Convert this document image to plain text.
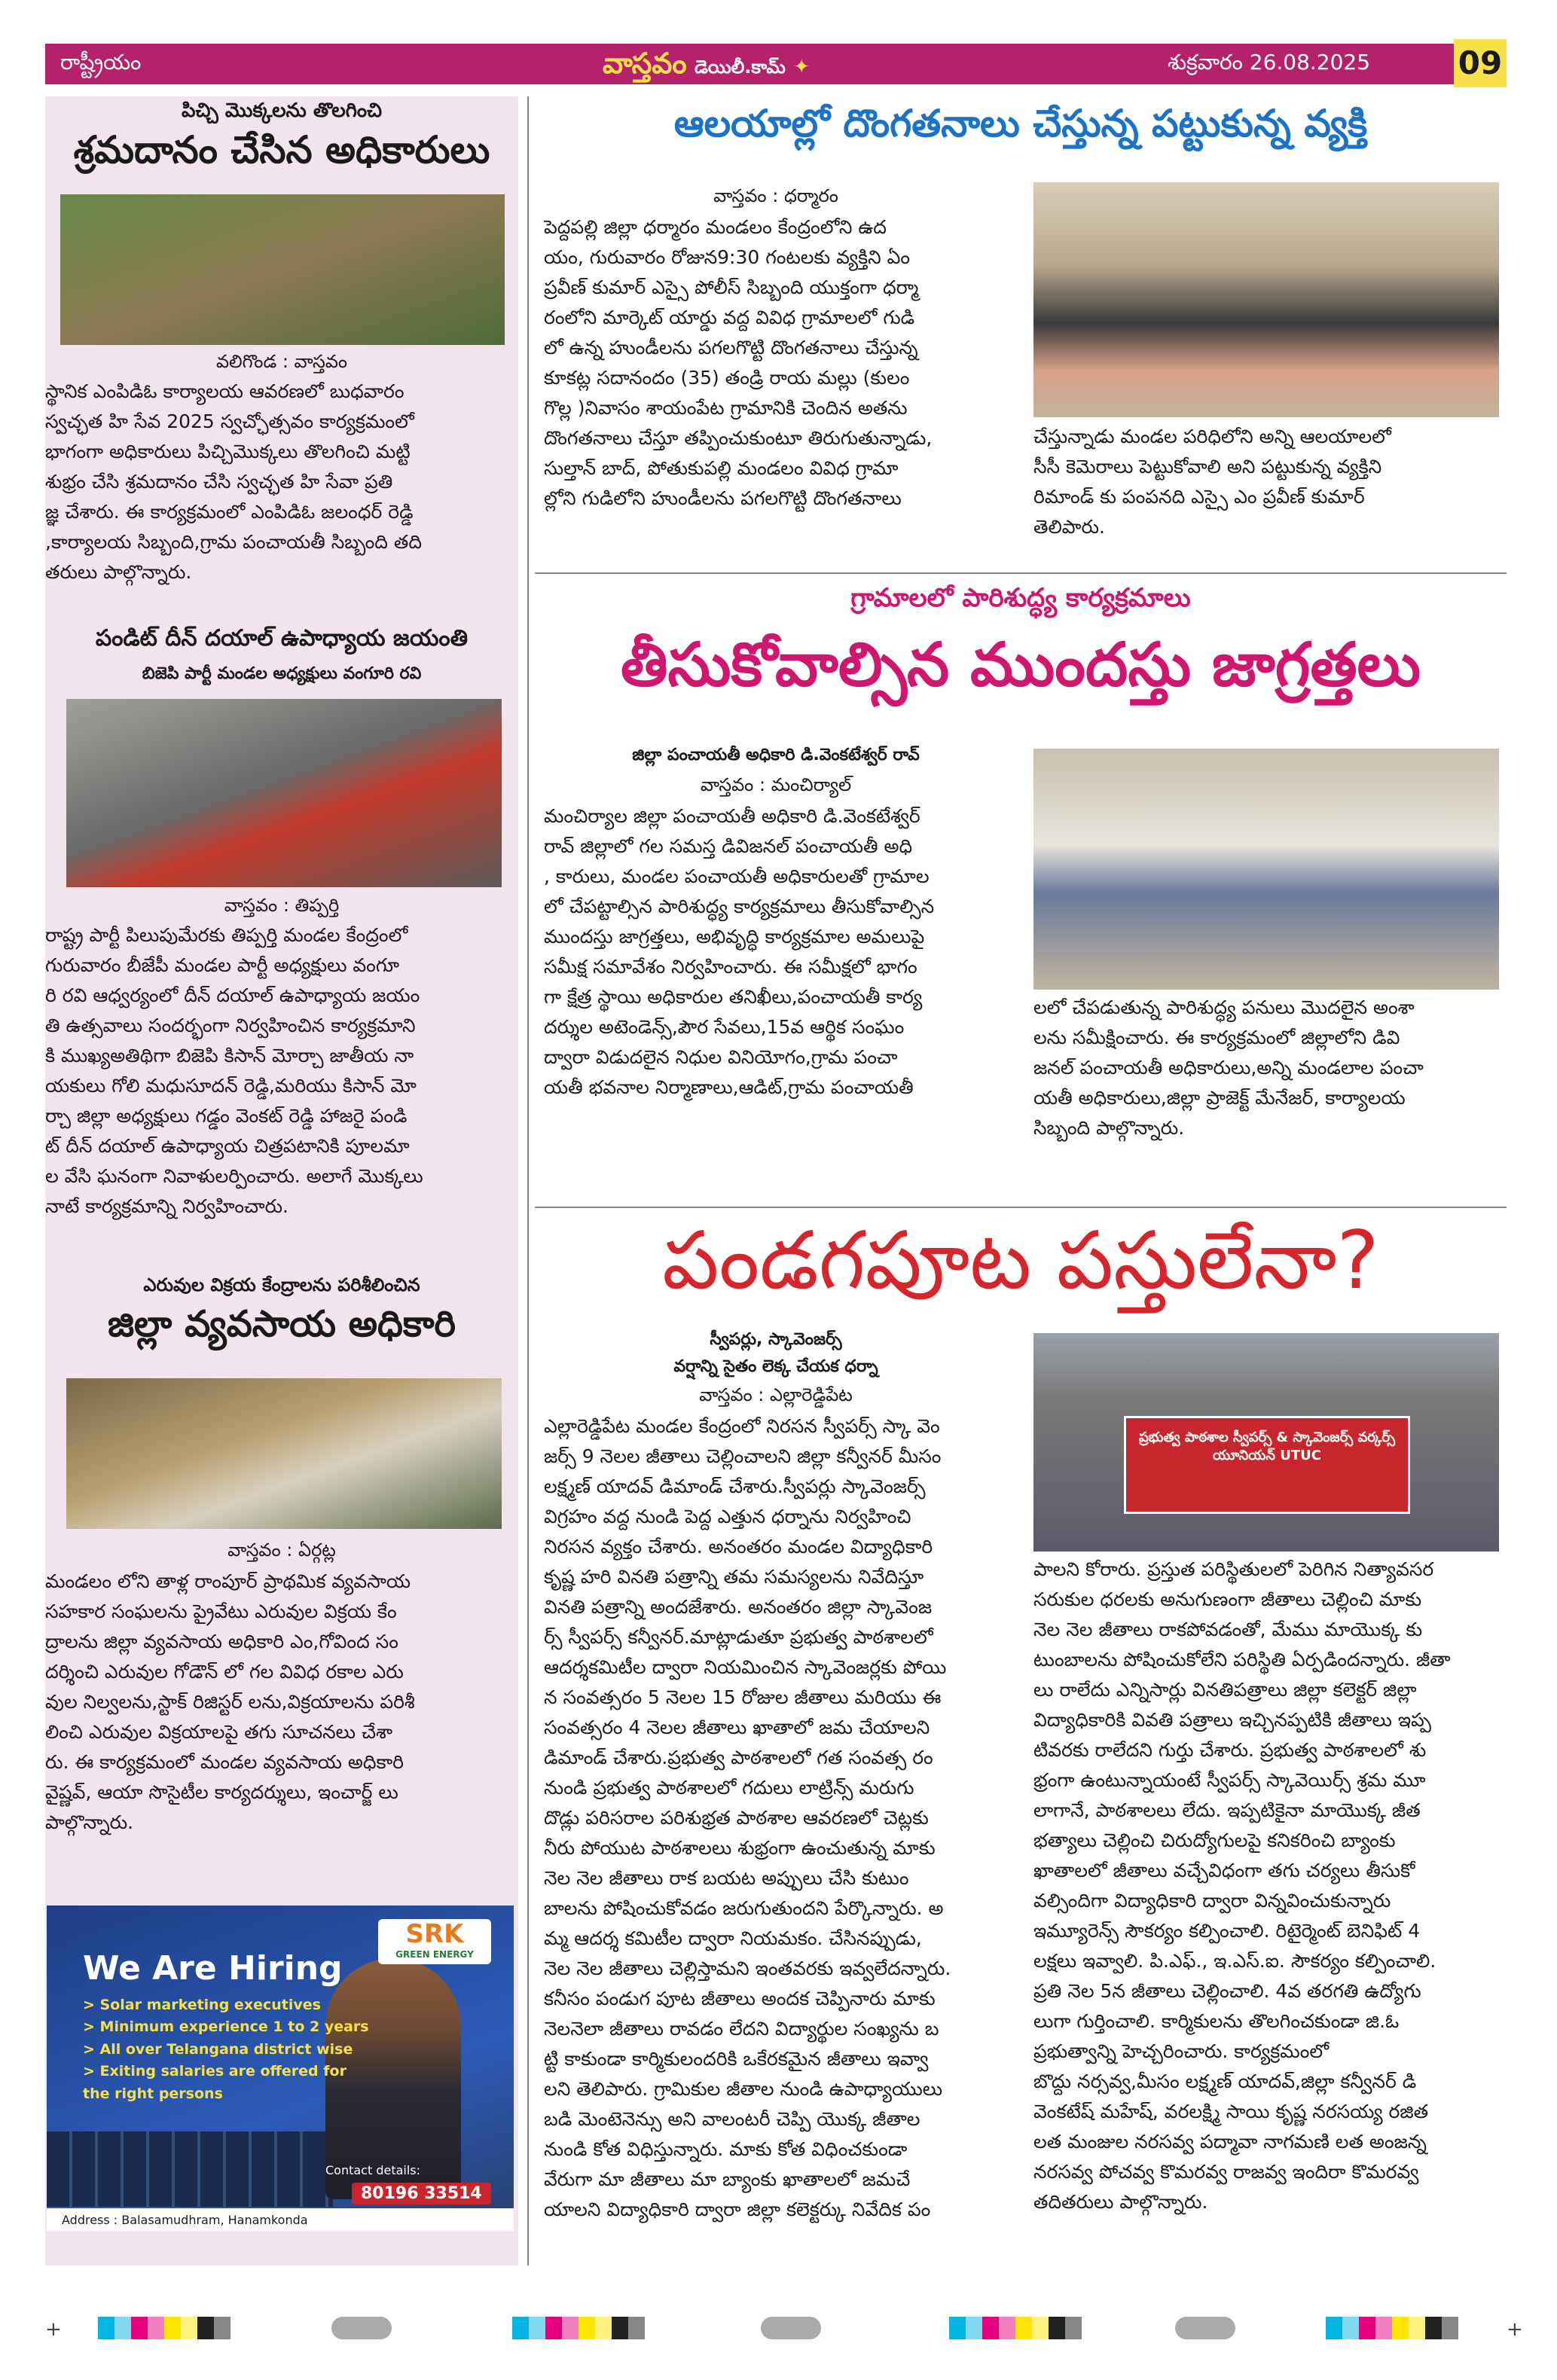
రాష్ట్రీయం	వాస్తవం డెయిలీ.కామ్ ✦	శుక్రవారం 26.08.2025	09
పిచ్చి మొక్కలను తొలగించి
శ్రమదానం చేసిన అధికారులు
వలిగొండ : వాస్తవం
స్థానిక ఎంపిడిఓ కార్యాలయ ఆవరణలో బుధవారం
స్వచ్ఛత హి సేవ 2025 స్వచ్ఛోత్సవం కార్యక్రమంలో
భాగంగా అధికారులు పిచ్చిమొక్కలు తొలగించి మట్టి
శుభ్రం చేసి శ్రమదానం చేసి స్వచ్ఛత హి సేవా ప్రతి
జ్ఞ చేశారు. ఈ కార్యక్రమంలో ఎంపిడిఓ జలంధర్ రెడ్డి
,కార్యాలయ సిబ్బంది,గ్రామ పంచాయతీ సిబ్బంది తది
తరులు పాల్గొన్నారు.
పండిట్ దీన్ దయాల్ ఉపాధ్యాయ జయంతి
బిజెపి పార్టీ మండల అధ్యక్షులు వంగూరి రవి
వాస్తవం : తిప్పర్తి
రాష్ట్ర పార్టీ పిలుపుమేరకు తిప్పర్తి మండల కేంద్రంలో
గురువారం బీజేపీ మండల పార్టీ అధ్యక్షులు వంగూ
రి రవి ఆధ్వర్యంలో దీన్ దయాల్ ఉపాధ్యాయ జయం
తి ఉత్సవాలు సందర్భంగా నిర్వహించిన కార్యక్రమాని
కి ముఖ్యఅతిథిగా బిజెపి కిసాన్ మోర్చా జాతీయ నా
యకులు గోలి మధుసూదన్ రెడ్డి,మరియు కిసాన్ మో
ర్చా జిల్లా అధ్యక్షులు గడ్డం వెంకట్ రెడ్డి హాజరై పండి
ట్ దీన్ దయాల్ ఉపాధ్యాయ చిత్రపటానికి పూలమా
ల వేసి ఘనంగా నివాళులర్పించారు. అలాగే మొక్కలు
నాటే కార్యక్రమాన్ని నిర్వహించారు.
ఎరువుల విక్రయ కేంద్రాలను పరిశీలించిన
జిల్లా వ్యవసాయ అధికారి
వాస్తవం : ఏర్గట్ల
మండలం లోని తాళ్ల రాంపూర్ ప్రాథమిక వ్యవసాయ
సహకార సంఘలను ప్రైవేటు ఎరువుల విక్రయ కేం
ద్రాలను జిల్లా వ్యవసాయ అధికారి ఎం,గోవింద సం
దర్శించి ఎరువుల గోడౌన్ లో గల వివిధ రకాల ఎరు
వుల నిల్వలను,స్టాక్ రిజిస్టర్ లను,విక్రయాలను పరిశీ
లించి ఎరువుల విక్రయాలపై తగు సూచనలు చేశా
రు. ఈ కార్యక్రమంలో మండల వ్యవసాయ అధికారి
వైష్ణవ్, ఆయా సొసైటీల కార్యదర్శులు, ఇంచార్జ్ లు
పాల్గొన్నారు.
SRK
GREEN ENERGY
We Are Hiring
> Solar marketing executives
> Minimum experience 1 to 2 years
> All over Telangana district wise
> Exiting salaries are offered for the right persons
Contact details:
80196 33514
Address : Balasamudhram, Hanamkonda
ఆలయాల్లో దొంగతనాలు చేస్తున్న పట్టుకున్న వ్యక్తి
వాస్తవం : ధర్మారం
పెద్దపల్లి జిల్లా ధర్మారం మండలం కేంద్రంలోని ఉద
యం, గురువారం రోజున9:30 గంటలకు వ్యక్తిని ఏం
ప్రవీణ్ కుమార్ ఎస్సై పోలీస్ సిబ్బంది యుక్తంగా ధర్మా
రంలోని మార్కెట్ యార్డు వద్ద వివిధ గ్రామాలలో గుడి
లో ఉన్న హుండీలను పగలగొట్టి దొంగతనాలు చేస్తున్న
కూకట్ల సదానందం (35) తండ్రి రాయ మల్లు (కులం
గొల్ల )నివాసం శాయంపేట గ్రామానికి చెందిన అతను
దొంగతనాలు చేస్తూ తప్పించుకుంటూ తిరుగుతున్నాడు,
సుల్తాన్ బాద్, పోతుకుపల్లి మండలం వివిధ గ్రామా
ల్లోని గుడిలోని హుండీలను పగలగొట్టి దొంగతనాలు
చేస్తున్నాడు మండల పరిధిలోని అన్ని ఆలయాలలో
సీసీ కెమెరాలు పెట్టుకోవాలి అని పట్టుకున్న వ్యక్తిని
రిమాండ్ కు పంపనది ఎస్సై ఎం ప్రవీణ్ కుమార్
తెలిపారు.
గ్రామాలలో పారిశుద్ధ్య కార్యక్రమాలు
తీసుకోవాల్సిన ముందస్తు జాగ్రత్తలు
జిల్లా పంచాయతీ అధికారి డి.వెంకటేశ్వర్ రావ్
వాస్తవం : మంచిర్యాల్
మంచిర్యాల జిల్లా పంచాయతీ అధికారి డి.వెంకటేశ్వర్
రావ్ జిల్లాలో గల సమస్త డివిజనల్ పంచాయతీ అధి
, కారులు, మండల పంచాయతీ అధికారులతో గ్రామాల
లో చేపట్టాల్సిన పారిశుద్ధ్య కార్యక్రమాలు తీసుకోవాల్సిన
ముందస్తు జాగ్రత్తలు, అభివృద్ధి కార్యక్రమాల అమలుపై
సమీక్ష సమావేశం నిర్వహించారు. ఈ సమీక్షలో భాగం
గా క్షేత్ర స్థాయి అధికారుల తనిఖీలు,పంచాయతీ కార్య
దర్శుల అటెండెన్స్,పౌర సేవలు,15వ ఆర్థిక సంఘం
ద్వారా విడుదలైన నిధుల వినియోగం,గ్రామ పంచా
యతీ భవనాల నిర్మాణాలు,ఆడిట్,గ్రామ పంచాయతీ
లలో చేపడుతున్న పారిశుద్ధ్య పనులు మొదలైన అంశా
లను సమీక్షించారు. ఈ కార్యక్రమంలో జిల్లాలోని డివి
జనల్ పంచాయతీ అధికారులు,అన్ని మండలాల పంచా
యతీ అధికారులు,జిల్లా ప్రాజెక్ట్ మేనేజర్, కార్యాలయ
సిబ్బంది పాల్గొన్నారు.
పండగపూట పస్తులేనా?
స్వీపర్లు, స్కావెంజర్స్
వర్షాన్ని సైతం లెక్క చేయక ధర్నా
వాస్తవం : ఎల్లారెడ్డిపేట
ఎల్లారెడ్డిపేట మండల కేంద్రంలో నిరసన స్వీపర్స్ స్కా వెం
జర్స్ 9 నెలల జీతాలు చెల్లించాలని జిల్లా కన్వీనర్ మీసం
లక్ష్మణ్ యాదవ్ డిమాండ్ చేశారు.స్వీపర్లు స్కావెంజర్స్
విగ్రహం వద్ద నుండి పెద్ద ఎత్తున ధర్నాను నిర్వహించి
నిరసన వ్యక్తం చేశారు. అనంతరం మండల విద్యాధికారి
కృష్ణ హరి వినతి పత్రాన్ని తమ సమస్యలను నివేదిస్తూ
వినతి పత్రాన్ని అందజేశారు. అనంతరం జిల్లా స్కావెంజ
ర్స్ స్వీపర్స్ కన్వీనర్.మాట్లాడుతూ ప్రభుత్వ పాఠశాలలో
ఆదర్శకమిటీల ద్వారా నియమించిన స్కావెంజర్లకు పోయి
న సంవత్సరం 5 నెలల 15 రోజుల జీతాలు మరియు ఈ
సంవత్సరం 4 నెలల జీతాలు ఖాతాలో జమ చేయాలని
డిమాండ్ చేశారు.ప్రభుత్వ పాఠశాలలో గత సంవత్స రం
నుండి ప్రభుత్వ పాఠశాలలో గదులు లాట్రిన్స్ మరుగు
దొడ్లు పరిసరాల పరిశుభ్రత పాఠశాల ఆవరణలో చెట్లకు
నీరు పోయుట పాఠశాలలు శుభ్రంగా ఉంచుతున్న మాకు
నెల నెల జీతాలు రాక బయట అప్పులు చేసి కుటుం
బాలను పోషించుకోవడం జరుగుతుందని పేర్కొన్నారు. అ
మ్మ ఆదర్శ కమిటీల ద్వారా నియమకం. చేసినప్పుడు,
నెల నెల జీతాలు చెల్లిస్తామని ఇంతవరకు ఇవ్వలేదన్నారు.
కనీసం పండుగ పూట జీతాలు అందక చెప్పినారు మాకు
నెలనెలా జీతాలు రావడం లేదని విద్యార్థుల సంఖ్యను బ
ట్టి కాకుండా కార్మికులందరికి ఒకేరకమైన జీతాలు ఇవ్వా
లని తెలిపారు. గ్రామికుల జీతాల నుండి ఉపాధ్యాయులు
బడి మెంటెనెన్సు అని వాలంటరీ చెప్పి యొక్క జీతాల
నుండి కోత విధిస్తున్నారు. మాకు కోత విధించకుండా
వేరుగా మా జీతాలు మా బ్యాంకు ఖాతాలలో జమచే
యాలని విద్యాధికారి ద్వారా జిల్లా కలెక్టర్కు నివేదిక పం
ప్రభుత్వ పాఠశాల స్వీపర్స్ & స్కావెంజర్స్ వర్కర్స్ యూనియన్ UTUC
పాలని కోరారు. ప్రస్తుత పరిస్థితులలో పెరిగిన నిత్యావసర
సరుకుల ధరలకు అనుగుణంగా జీతాలు చెల్లించి మాకు
నెల నెల జీతాలు రాకపోవడంతో, మేము మాయొక్క కు
టుంబాలను పోషించుకోలేని పరిస్థితి ఏర్పడిందన్నారు. జీతా
లు రాలేదు ఎన్నిసార్లు వినతిపత్రాలు జిల్లా కలెక్టర్ జిల్లా
విద్యాధికారికి వివతి పత్రాలు ఇచ్చినప్పటికి జీతాలు ఇప్ప
టివరకు రాలేదని గుర్తు చేశారు. ప్రభుత్వ పాఠశాలలో శు
భ్రంగా ఉంటున్నాయంటే స్వీపర్స్ స్కావెయిర్స్ శ్రమ మూ
లాగానే, పాఠశాలలు లేదు. ఇప్పటికైనా మాయొక్క జీత
భత్యాలు చెల్లించి చిరుద్యోగులపై కనికరించి బ్యాంకు
ఖాతాలలో జీతాలు వచ్చేవిధంగా తగు చర్యలు తీసుకో
వల్సిందిగా విద్యాధికారి ద్వారా విన్నవించుకున్నారు
ఇమ్యూరెన్స్ సౌకర్యం కల్పించాలి. రిటైర్మెంట్ బెనిఫిట్ 4
లక్షలు ఇవ్వాలి. పి.ఎఫ్., ఇ.ఎస్.ఐ. సౌకర్యం కల్పించాలి.
ప్రతి నెల 5న జీతాలు చెల్లించాలి. 4వ తరగతి ఉద్యోగు
లుగా గుర్తించాలి. కార్మికులను తొలగించకుండా జి.ఓ
ప్రభుత్వాన్ని హెచ్చరించారు. కార్యక్రమంలో
బొద్దు నర్సవ్వ,మీసం లక్ష్మణ్ యాదవ్,జిల్లా కన్వీనర్ డి
వెంకటేష్ మహేష్, వరలక్ష్మి సాయి కృష్ణ నరసయ్య రజిత
లత మంజుల నరసవ్వ పద్మావా నాగమణి లత అంజన్న
నరసవ్వ పోచవ్వ కొమరవ్వ రాజవ్వ ఇందిరా కొమరవ్వ
తదితరులు పాల్గొన్నారు.
+	+
